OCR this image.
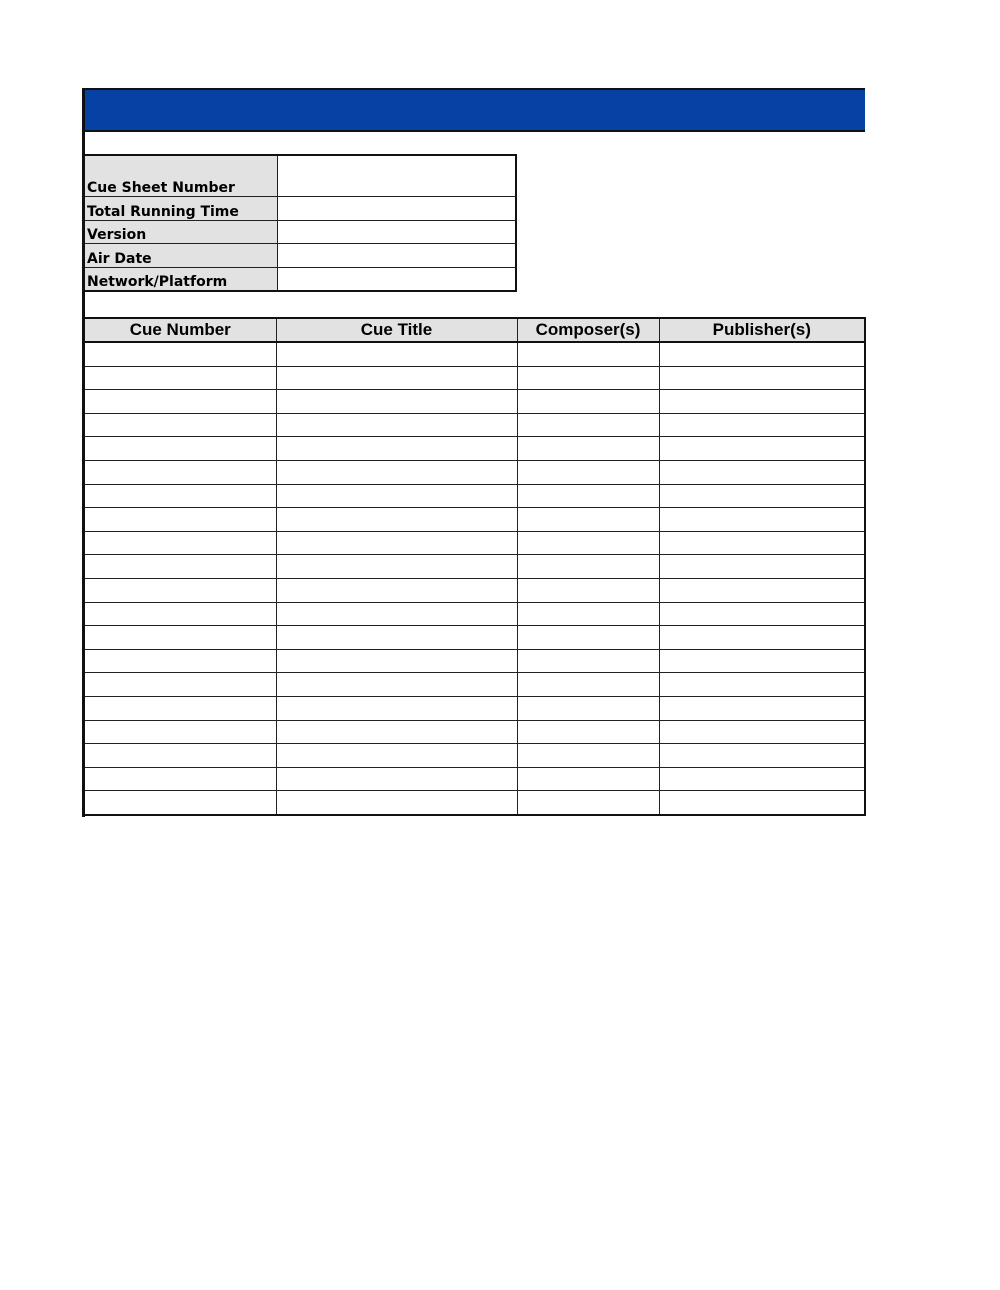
Cue Sheet Number	
Total Running Time	
Version	
Air Date	
Network/Platform	
Cue Number	Cue Title	Composer(s)	Publisher(s)
